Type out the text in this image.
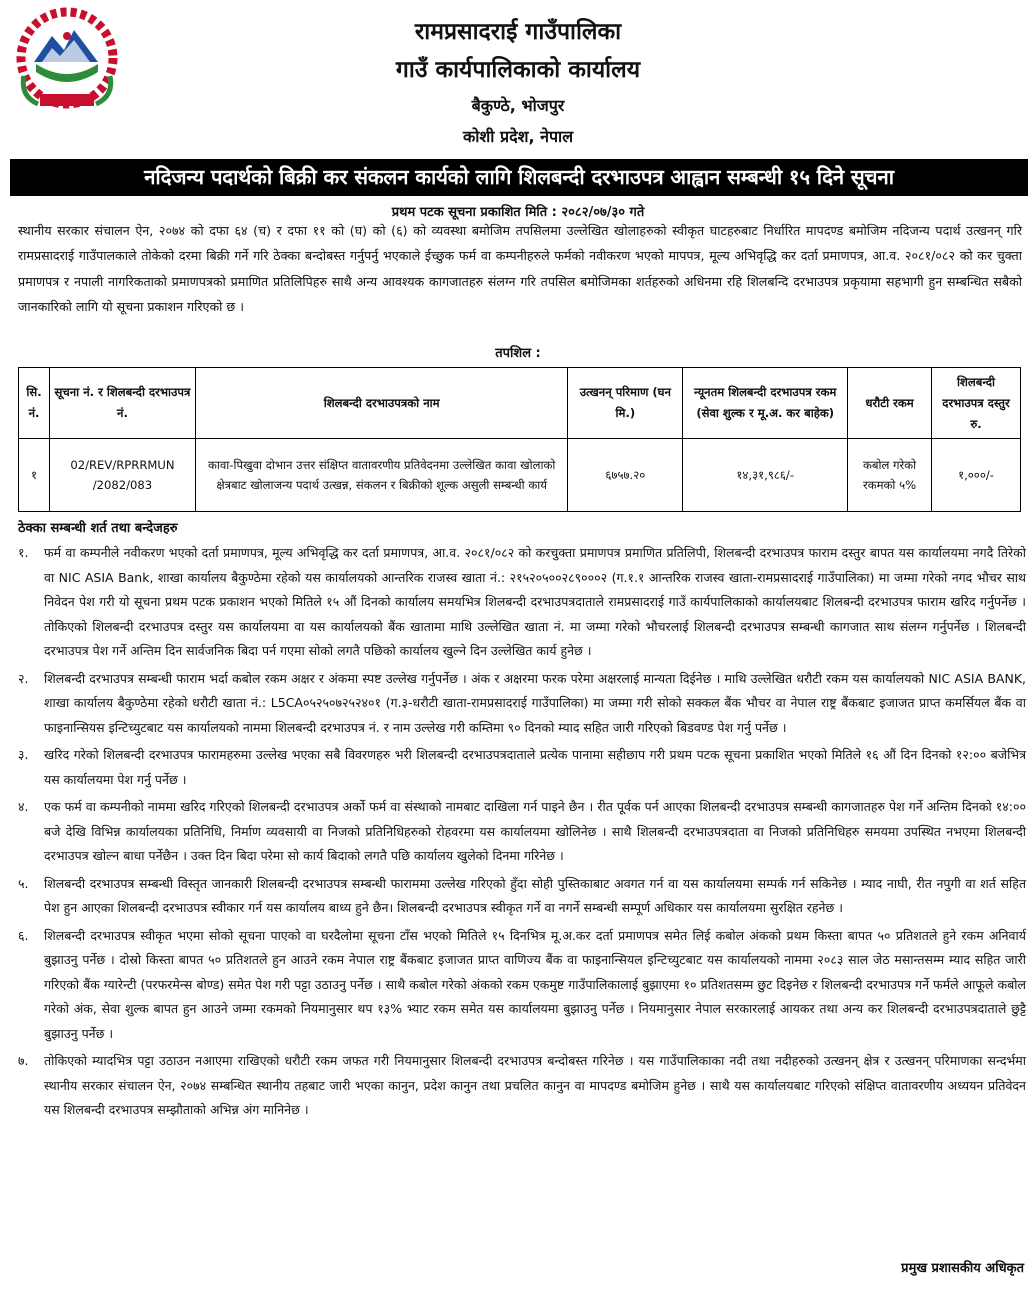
रामप्रसादराई गाउँपालिका
गाउँ कार्यपालिकाको कार्यालय
बैकुण्ठे, भोजपुर
कोशी प्रदेश, नेपाल
नदिजन्य पदार्थको बिक्री कर संकलन कार्यको लागि शिलबन्दी दरभाउपत्र आह्वान सम्बन्धी १५ दिने सूचना
प्रथम पटक सूचना प्रकाशित मिति : २०८२/०७/३० गते
स्थानीय सरकार संचालन ऐन, २०७४ को दफा ६४ (च) र दफा ११ को (घ) को (६) को व्यवस्था बमोजिम तपसिलमा उल्लेखित खोलाहरुको स्वीकृत घाटहरुबाट निर्धारित मापदण्ड बमोजिम नदिजन्य पदार्थ उत्खनन् गरि रामप्रसादराई गाउँपालकाले तोकेको दरमा बिक्री गर्ने गरि ठेक्का बन्दोबस्त गर्नुपर्नु भएकाले ईच्छुक फर्म वा कम्पनीहरुले फर्मको नवीकरण भएको मापपत्र, मूल्य अभिवृद्धि कर दर्ता प्रमाणपत्र, आ.व. २०८१/०८२ को कर चुक्ता प्रमाणपत्र र नपाली नागरिकताको प्रमाणपत्रको प्रमाणित प्रतिलिपिहरु साथै अन्य आवश्यक कागजातहरु संलग्न गरि तपसिल बमोजिमका शर्तहरुको अधिनमा रहि शिलबन्दि दरभाउपत्र प्रकृयामा सहभागी हुन सम्बन्धित सबैको जानकारिको लागि यो सूचना प्रकाशन गरिएको छ ।
तपशिल :
सि. नं.	सूचना नं. र शिलबन्दी दरभाउपत्र नं.	शिलबन्दी दरभाउपत्रको नाम	उत्खनन् परिमाण (घन मि.)	न्यूनतम शिलबन्दी दरभाउपत्र रकम (सेवा शुल्क र मू.अ. कर बाहेक)	धरौटी रकम	शिलबन्दी दरभाउपत्र दस्तुर रु.
१	02/REV/RPRRMUN /2082/083	कावा-पिखुवा दोभान उत्तर संक्षिप्त वातावरणीय प्रतिवेदनमा उल्लेखित कावा खोलाको क्षेत्रबाट खोलाजन्य पदार्थ उत्खन्न, संकलन र बिक्रीको शूल्क असुली सम्बन्धी कार्य	६७५७.२०	१४,३१,९८६/-	कबोल गरेको रकमको ५%	१,०००/-
ठेक्का सम्बन्धी शर्त तथा बन्देजहरु
१.	फर्म वा कम्पनीले नवीकरण भएको दर्ता प्रमाणपत्र, मूल्य अभिवृद्धि कर दर्ता प्रमाणपत्र, आ.व. २०८१/०८२ को करचुक्ता प्रमाणपत्र प्रमाणित प्रतिलिपी, शिलबन्दी दरभाउपत्र फाराम दस्तुर बापत यस कार्यालयमा नगदै तिरेको वा NIC ASIA Bank, शाखा कार्यालय बैकुण्ठेमा रहेको यस कार्यालयको आन्तरिक राजस्व खाता नं.: २१५२०५००२८९०००२ (ग.१.१ आन्तरिक राजस्व खाता-रामप्रसादराई गाउँपालिका) मा जम्मा गरेको नगद भौचर साथ निवेदन पेश गरी यो सूचना प्रथम पटक प्रकाशन भएको मितिले १५ औं दिनको कार्यालय समयभित्र शिलबन्दी दरभाउपत्रदाताले रामप्रसादराई गाउँ कार्यपालिकाको कार्यालयबाट शिलबन्दी दरभाउपत्र फाराम खरिद गर्नुपर्नेछ । तोकिएको शिलबन्दी दरभाउपत्र दस्तुर यस कार्यालयमा वा यस कार्यालयको बैंक खातामा माथि उल्लेखित खाता नं. मा जम्मा गरेको भौचरलाई शिलबन्दी दरभाउपत्र सम्बन्धी कागजात साथ संलग्न गर्नुपर्नेछ । शिलबन्दी दरभाउपत्र पेश गर्ने अन्तिम दिन सार्वजनिक बिदा पर्न गएमा सोको लगतै पछिको कार्यालय खुल्ने दिन उल्लेखित कार्य हुनेछ ।
२.	शिलबन्दी दरभाउपत्र सम्बन्धी फाराम भर्दा कबोल रकम अक्षर र अंकमा स्पष्ट उल्लेख गर्नुपर्नेछ । अंक र अक्षरमा फरक परेमा अक्षरलाई मान्यता दिईनेछ । माथि उल्लेखित धरौटी रकम यस कार्यालयको NIC ASIA BANK, शाखा कार्यालय बैकुण्ठेमा रहेको धरौटी खाता नं.: L5CA०५२५०७२५२४०१ (ग.३-धरौटी खाता-रामप्रसादराई गाउँपालिका) मा जम्मा गरी सोको सक्कल बैंक भौचर वा नेपाल राष्ट्र बैंकबाट इजाजत प्राप्त कमर्सियल बैंक वा फाइनान्सियस इन्टिच्युटबाट यस कार्यालयको नाममा शिलबन्दी दरभाउपत्र नं. र नाम उल्लेख गरी कम्तिमा ९० दिनको म्याद सहित जारी गरिएको बिडवण्ड पेश गर्नु पर्नेछ ।
३.	खरिद गरेको शिलबन्दी दरभाउपत्र फारामहरुमा उल्लेख भएका सबै विवरणहरु भरी शिलबन्दी दरभाउपत्रदाताले प्रत्येक पानामा सहीछाप गरी प्रथम पटक सूचना प्रकाशित भएको मितिले १६ औं दिन दिनको १२:०० बजेभित्र यस कार्यालयमा पेश गर्नु पर्नेछ ।
४.	एक फर्म वा कम्पनीको नाममा खरिद गरिएको शिलबन्दी दरभाउपत्र अर्को फर्म वा संस्थाको नामबाट दाखिला गर्न पाइने छैन । रीत पूर्वक पर्न आएका शिलबन्दी दरभाउपत्र सम्बन्धी कागजातहरु पेश गर्ने अन्तिम दिनको १४:०० बजे देखि विभिन्न कार्यालयका प्रतिनिधि, निर्माण व्यवसायी वा निजको प्रतिनिधिहरुको रोहवरमा यस कार्यालयमा खोलिनेछ । साथै शिलबन्दी दरभाउपत्रदाता वा निजको प्रतिनिधिहरु समयमा उपस्थित नभएमा शिलबन्दी दरभाउपत्र खोल्न बाधा पर्नेछैन । उक्त दिन बिदा परेमा सो कार्य बिदाको लगतै पछि कार्यालय खुलेको दिनमा गरिनेछ ।
५.	शिलबन्दी दरभाउपत्र सम्बन्धी विस्तृत जानकारी शिलबन्दी दरभाउपत्र सम्बन्धी फाराममा उल्लेख गरिएको हुँदा सोही पुस्तिकाबाट अवगत गर्न वा यस कार्यालयमा सम्पर्क गर्न सकिनेछ । म्याद नाघी, रीत नपुगी वा शर्त सहित पेश हुन आएका शिलबन्दी दरभाउपत्र स्वीकार गर्न यस कार्यालय बाध्य हुने छैन। शिलबन्दी दरभाउपत्र स्वीकृत गर्ने वा नगर्ने सम्बन्धी सम्पूर्ण अधिकार यस कार्यालयमा सुरक्षित रहनेछ ।
६.	शिलबन्दी दरभाउपत्र स्वीकृत भएमा सोको सूचना पाएको वा घरदैलोमा सूचना टाँस भएको मितिले १५ दिनभित्र मू.अ.कर दर्ता प्रमाणपत्र समेत लिई कबोल अंकको प्रथम किस्ता बापत ५० प्रतिशतले हुने रकम अनिवार्य बुझाउनु पर्नेछ । दोस्रो किस्ता बापत ५० प्रतिशतले हुन आउने रकम नेपाल राष्ट्र बैंकबाट इजाजत प्राप्त वाणिज्य बैंक वा फाइनान्सियल इन्टिच्युटबाट यस कार्यालयको नाममा २०८३ साल जेठ मसान्तसम्म म्याद सहित जारी गरिएको बैंक ग्यारेन्टी (परफरमेन्स बोण्ड) समेत पेश गरी पट्टा उठाउनु पर्नेछ । साथै कबोल गरेको अंकको रकम एकमुष्ट गाउँपालिकालाई बुझाएमा १० प्रतिशतसम्म छुट दिइनेछ र शिलबन्दी दरभाउपत्र गर्ने फर्मले आफूले कबोल गरेको अंक, सेवा शुल्क बापत हुन आउने जम्मा रकमको नियमानुसार थप १३% भ्याट रकम समेत यस कार्यालयमा बुझाउनु पर्नेछ । नियमानुसार नेपाल सरकारलाई आयकर तथा अन्य कर शिलबन्दी दरभाउपत्रदाताले छुट्टै बुझाउनु पर्नेछ ।
७.	तोकिएको म्यादभित्र पट्टा उठाउन नआएमा राखिएको धरौटी रकम जफत गरी नियमानुसार शिलबन्दी दरभाउपत्र बन्दोबस्त गरिनेछ । यस गाउँपालिकाका नदी तथा नदीहरुको उत्खनन् क्षेत्र र उत्खनन् परिमाणका सन्दर्भमा स्थानीय सरकार संचालन ऐन, २०७४ सम्बन्धित स्थानीय तहबाट जारी भएका कानुन, प्रदेश कानुन तथा प्रचलित कानुन वा मापदण्ड बमोजिम हुनेछ । साथै यस कार्यालयबाट गरिएको संक्षिप्त वातावरणीय अध्ययन प्रतिवेदन यस शिलबन्दी दरभाउपत्र सम्झौताको अभिन्न अंग मानिनेछ ।
प्रमुख प्रशासकीय अधिकृत
